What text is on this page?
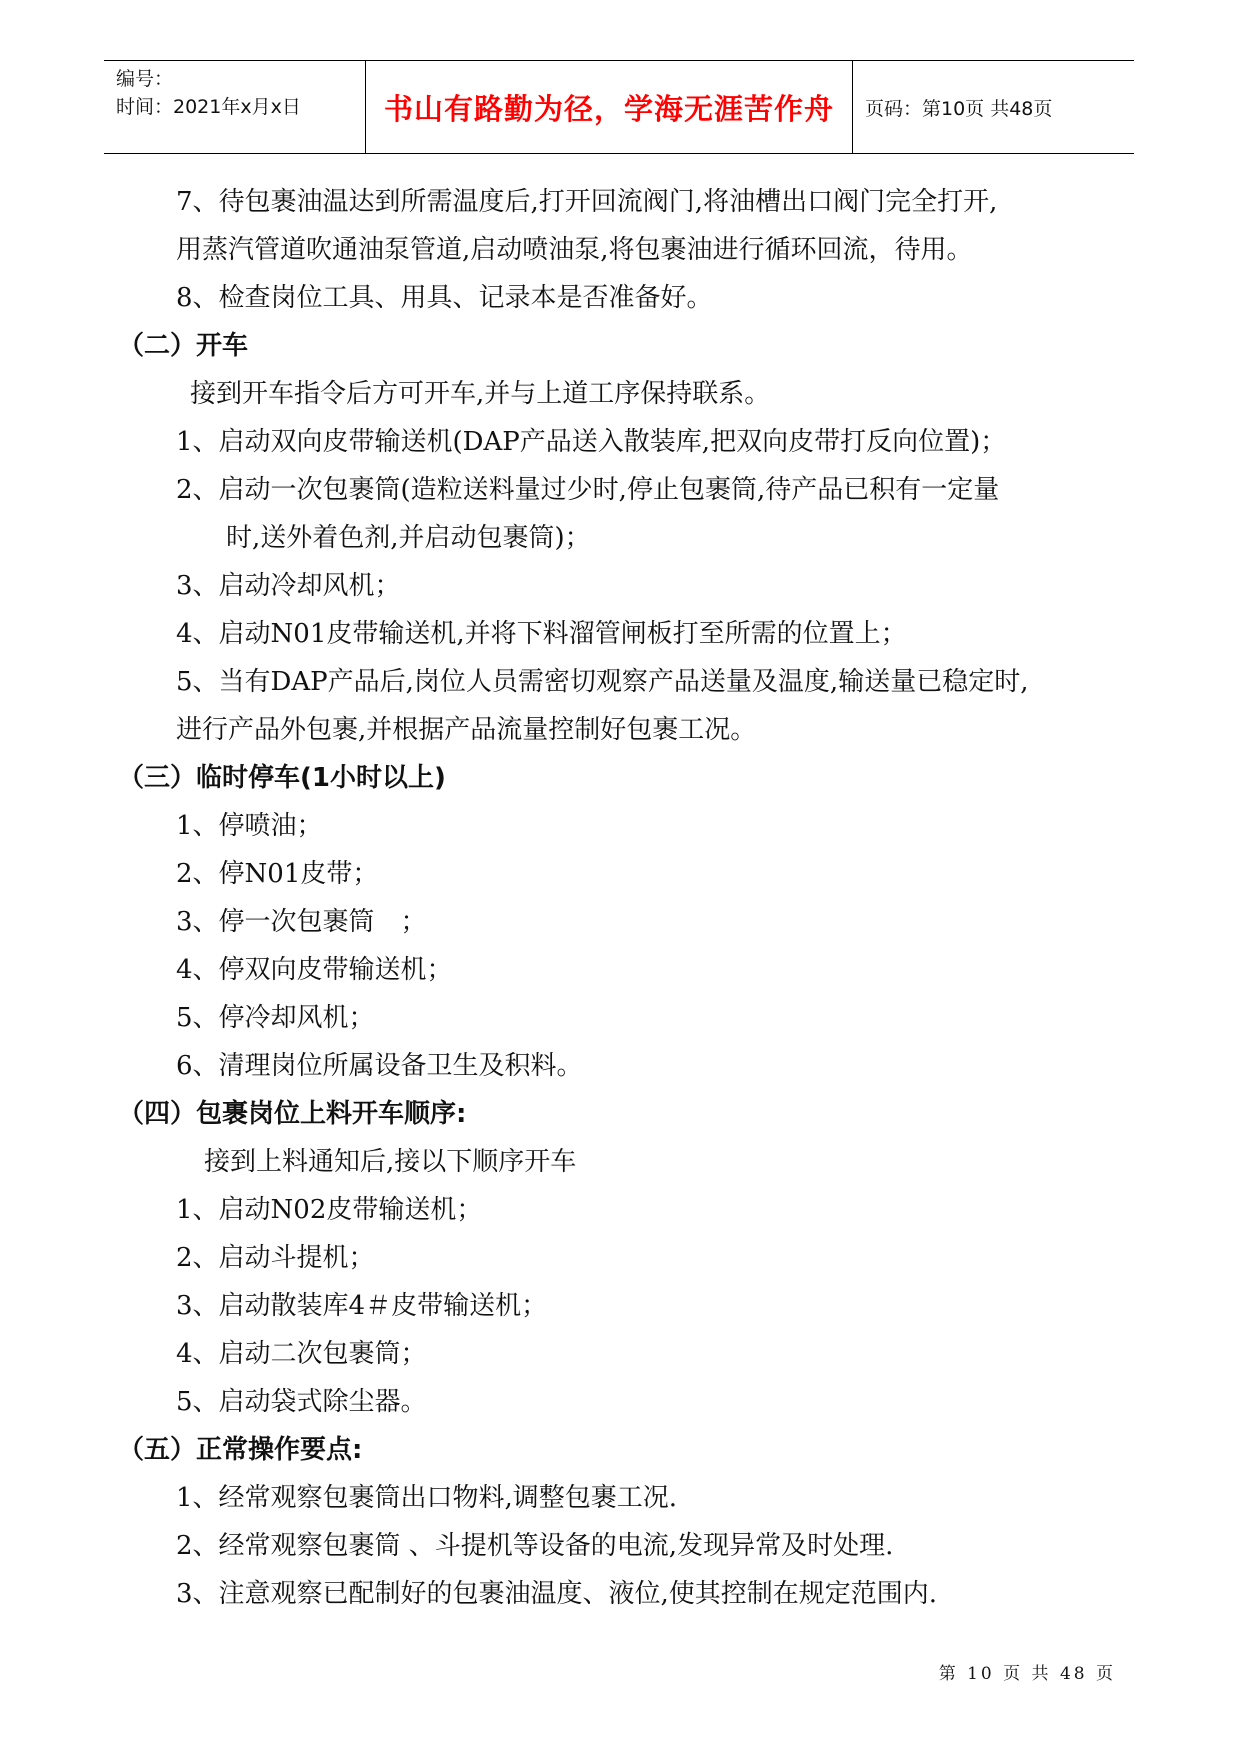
编号：
时间：2021年x月x日	书山有路勤为径，学海无涯苦作舟	页码：第10页 共48页
7、待包裹油温达到所需温度后,打开回流阀门,将油槽出口阀门完全打开,
用蒸汽管道吹通油泵管道,启动喷油泵,将包裹油进行循环回流，待用。
8、检查岗位工具、用具、记录本是否准备好。
（二）开车
接到开车指令后方可开车,并与上道工序保持联系。
1、启动双向皮带输送机(DAP产品送入散装库,把双向皮带打反向位置)；
2、启动一次包裹筒(造粒送料量过少时,停止包裹筒,待产品已积有一定量
时,送外着色剂,并启动包裹筒)；
3、启动冷却风机；
4、启动N01皮带输送机,并将下料溜管闸板打至所需的位置上；
5、当有DAP产品后,岗位人员需密切观察产品送量及温度,输送量已稳定时,
进行产品外包裹,并根据产品流量控制好包裹工况。
（三）临时停车(1小时以上)
1、停喷油；
2、停N01皮带；
3、停一次包裹筒　；
4、停双向皮带输送机；
5、停冷却风机；
6、清理岗位所属设备卫生及积料。
（四）包裹岗位上料开车顺序:
接到上料通知后,接以下顺序开车
1、启动N02皮带输送机；
2、启动斗提机；
3、启动散装库4＃皮带输送机；
4、启动二次包裹筒；
5、启动袋式除尘器。
（五）正常操作要点:
1、经常观察包裹筒出口物料,调整包裹工况.
2、经常观察包裹筒 、斗提机等设备的电流,发现异常及时处理.
3、注意观察已配制好的包裹油温度、液位,使其控制在规定范围内.
第 10 页 共 48 页
